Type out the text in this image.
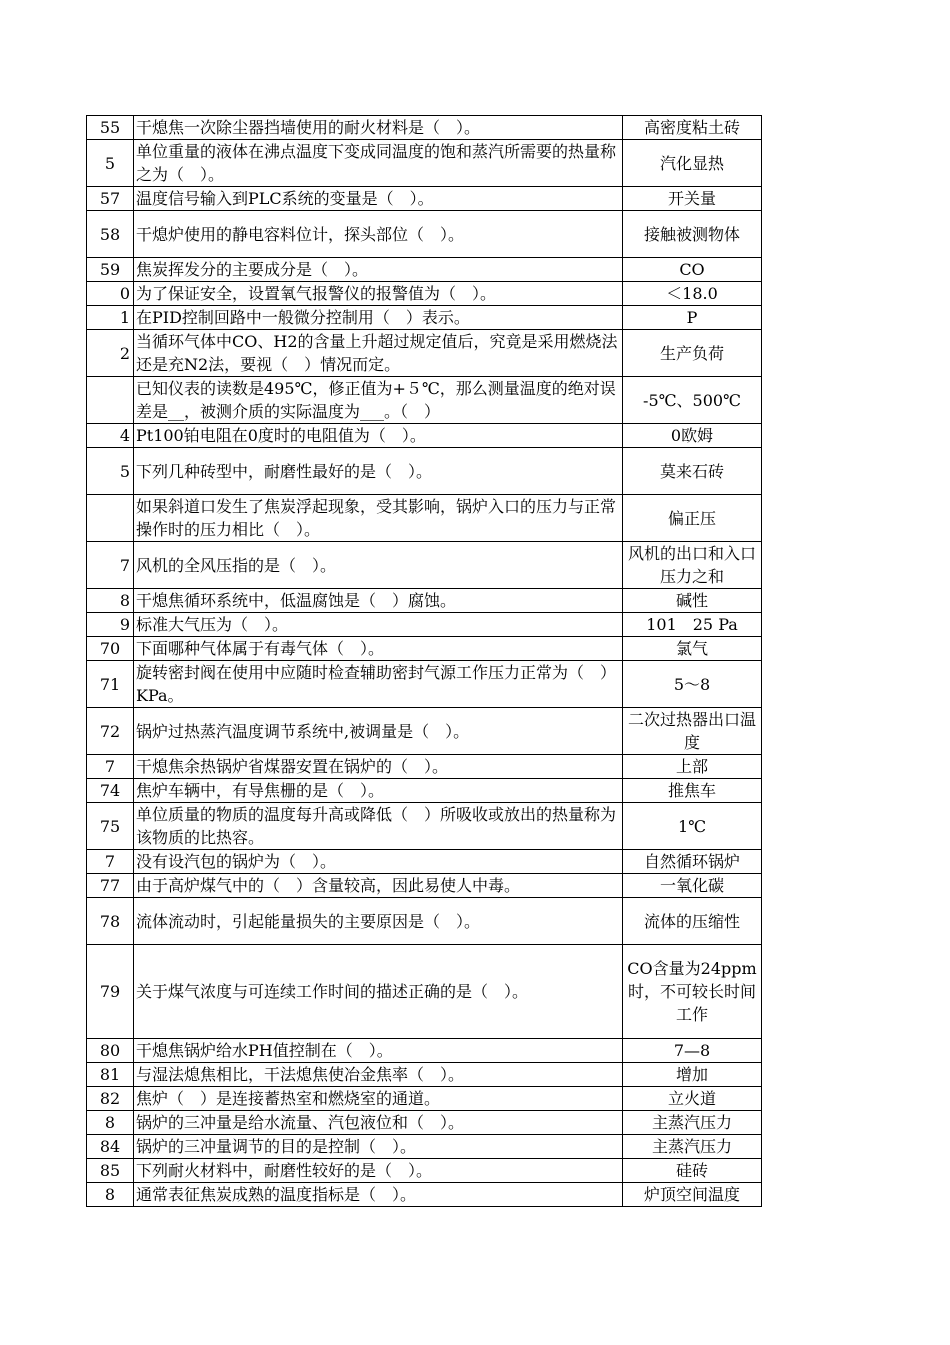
55	干熄焦一次除尘器挡墙使用的耐火材料是（　）。	高密度粘土砖
5	单位重量的液体在沸点温度下变成同温度的饱和蒸汽所需要的热量称之为（　）。	汽化显热
57	温度信号输入到PLC系统的变量是（　）。	开关量
58	干熄炉使用的静电容料位计，探头部位（　）。	接触被测物体
59	焦炭挥发分的主要成分是（　）。	CO
0	为了保证安全，设置氧气报警仪的报警值为（　）。	＜18.0
1	在PID控制回路中一般微分控制用（　）表示。	P
2	当循环气体中CO、H2的含量上升超过规定值后，究竟是采用燃烧法还是充N2法，要视（　）情况而定。	生产负荷
	已知仪表的读数是495℃，修正值为+５℃，那么测量温度的绝对误差是__，被测介质的实际温度为___。（　）	-5℃、500℃
4	Pt100铂电阻在0度时的电阻值为（　）。	0欧姆
5	下列几种砖型中，耐磨性最好的是（　）。	莫来石砖
	如果斜道口发生了焦炭浮起现象，受其影响，锅炉入口的压力与正常操作时的压力相比（　）。	偏正压
7	风机的全风压指的是（　）。	风机的出口和入口压力之和
8	干熄焦循环系统中，低温腐蚀是（　）腐蚀。	碱性
9	标准大气压为（　）。	101　25 Pa
70	下面哪种气体属于有毒气体（　）。	氯气
71	旋转密封阀在使用中应随时检查辅助密封气源工作压力正常为（　）KPa。	5～8
72	锅炉过热蒸汽温度调节系统中,被调量是（　）。	二次过热器出口温度
7	干熄焦余热锅炉省煤器安置在锅炉的（　）。	上部
74	焦炉车辆中，有导焦栅的是（　）。	推焦车
75	单位质量的物质的温度每升高或降低（　）所吸收或放出的热量称为该物质的比热容。	1℃
7	没有设汽包的锅炉为（　）。	自然循环锅炉
77	由于高炉煤气中的（　）含量较高，因此易使人中毒。	一氧化碳
78	流体流动时，引起能量损失的主要原因是（　）。	流体的压缩性
79	关于煤气浓度与可连续工作时间的描述正确的是（　）。	CO含量为24ppm时，不可较长时间工作
80	干熄焦锅炉给水PH值控制在（　）。	7—8
81	与湿法熄焦相比，干法熄焦使冶金焦率（　）。	增加
82	焦炉（　）是连接蓄热室和燃烧室的通道。	立火道
8	锅炉的三冲量是给水流量、汽包液位和（　）。	主蒸汽压力
84	锅炉的三冲量调节的目的是控制（　）。	主蒸汽压力
85	下列耐火材料中，耐磨性较好的是（　）。	硅砖
8	通常表征焦炭成熟的温度指标是（　）。	炉顶空间温度
